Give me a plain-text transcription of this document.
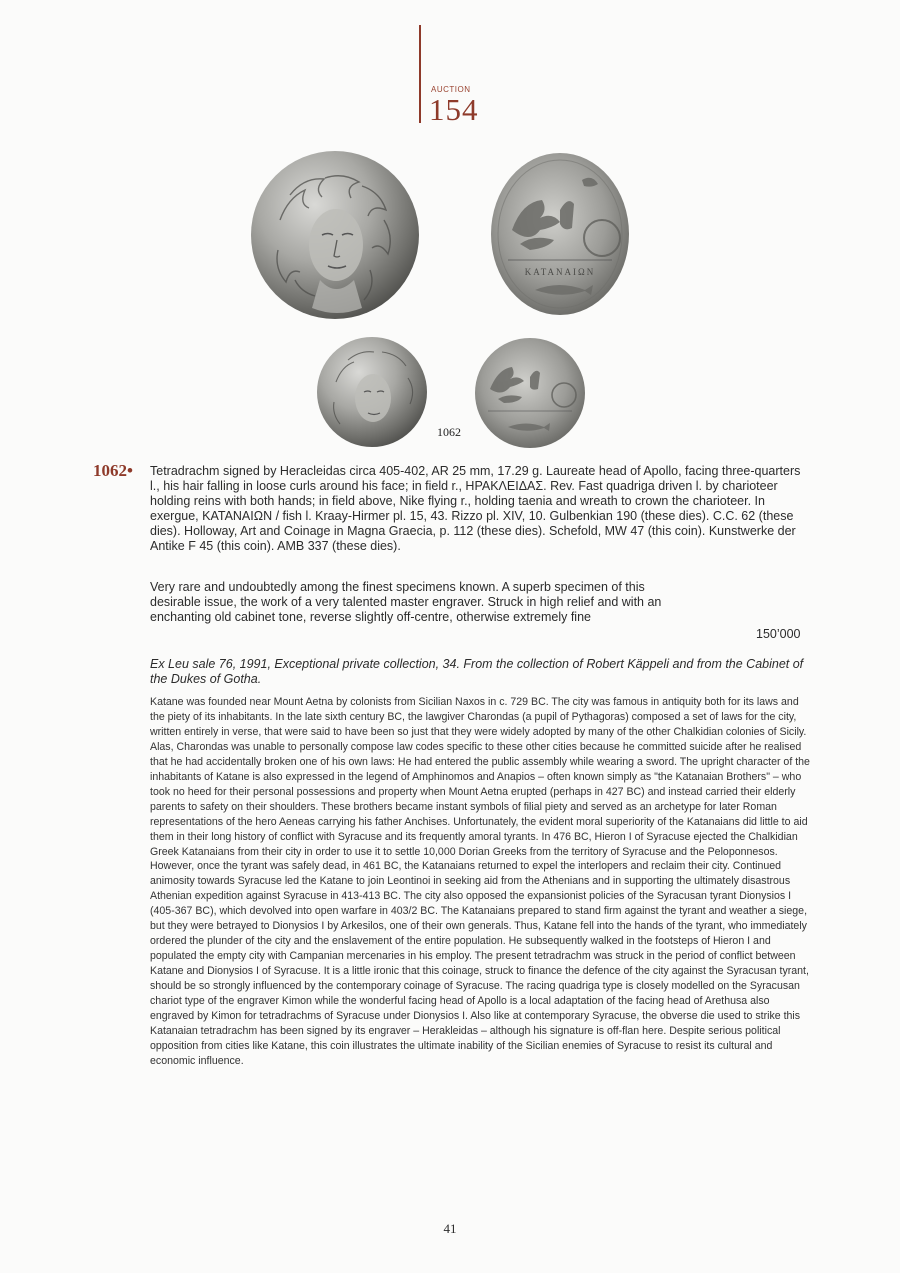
AUCTION
154
ΚΑΤΑΝΑΙΩΝ
1062
1062• Tetradrachm signed by Heracleidas circa 405-402, AR 25 mm, 17.29 g. Laureate head of Apollo, facing three-quarters l., his hair falling in loose curls around his face; in field r., ΗΡΑΚΛΕΙΔΑΣ. Rev. Fast quadriga driven l. by charioteer holding reins with both hands; in field above, Nike flying r., holding taenia and wreath to crown the charioteer. In exergue, ΚΑΤΑΝΑΙΩΝ / fish l. Kraay-Hirmer pl. 15, 43. Rizzo pl. XIV, 10. Gulbenkian 190 (these dies). C.C. 62 (these dies). Holloway, Art and Coinage in Magna Graecia, p. 112 (these dies). Schefold, MW 47 (this coin). Kunstwerke der Antike F 45 (this coin). AMB 337 (these dies).
Very rare and undoubtedly among the finest specimens known. A superb specimen of this desirable issue, the work of a very talented master engraver. Struck in high relief and with an enchanting old cabinet tone, reverse slightly off-centre, otherwise extremely fine
150’000
Ex Leu sale 76, 1991, Exceptional private collection, 34. From the collection of Robert Käppeli and from the Cabinet of the Dukes of Gotha.
Katane was founded near Mount Aetna by colonists from Sicilian Naxos in c. 729 BC. The city was famous in antiquity both for its laws and the piety of its inhabitants. In the late sixth century BC, the lawgiver Charondas (a pupil of Pythagoras) composed a set of laws for the city, written entirely in verse, that were said to have been so just that they were widely adopted by many of the other Chalkidian colonies of Sicily. Alas, Charondas was unable to personally compose law codes specific to these other cities because he committed suicide after he realised that he had accidentally broken one of his own laws: He had entered the public assembly while wearing a sword. The upright character of the inhabitants of Katane is also expressed in the legend of Amphinomos and Anapios – often known simply as "the Katanaian Brothers" – who took no heed for their personal possessions and property when Mount Aetna erupted (perhaps in 427 BC) and instead carried their elderly parents to safety on their shoulders. These brothers became instant symbols of filial piety and served as an archetype for later Roman representations of the hero Aeneas carrying his father Anchises. Unfortunately, the evident moral superiority of the Katanaians did little to aid them in their long history of conflict with Syracuse and its frequently amoral tyrants. In 476 BC, Hieron I of Syracuse ejected the Chalkidian Greek Katanaians from their city in order to use it to settle 10,000 Dorian Greeks from the territory of Syracuse and the Peloponnesos. However, once the tyrant was safely dead, in 461 BC, the Katanaians returned to expel the interlopers and reclaim their city. Continued animosity towards Syracuse led the Katane to join Leontinoi in seeking aid from the Athenians and in supporting the ultimately disastrous Athenian expedition against Syracuse in 413-413 BC. The city also opposed the expansionist policies of the Syracusan tyrant Dionysios I (405-367 BC), which devolved into open warfare in 403/2 BC. The Katanaians prepared to stand firm against the tyrant and weather a siege, but they were betrayed to Dionysios I by Arkesilos, one of their own generals. Thus, Katane fell into the hands of the tyrant, who immediately ordered the plunder of the city and the enslavement of the entire population. He subsequently walked in the footsteps of Hieron I and populated the empty city with Campanian mercenaries in his employ. The present tetradrachm was struck in the period of conflict between Katane and Dionysios I of Syracuse. It is a little ironic that this coinage, struck to finance the defence of the city against the Syracusan tyrant, should be so strongly influenced by the contemporary coinage of Syracuse. The racing quadriga type is closely modelled on the Syracusan chariot type of the engraver Kimon while the wonderful facing head of Apollo is a local adaptation of the facing head of Arethusa also engraved by Kimon for tetradrachms of Syracuse under Dionysios I. Also like at contemporary Syracuse, the obverse die used to strike this Katanaian tetradrachm has been signed by its engraver – Herakleidas – although his signature is off-flan here. Despite serious political opposition from cities like Katane, this coin illustrates the ultimate inability of the Sicilian enemies of Syracuse to resist its cultural and economic influence.
41
